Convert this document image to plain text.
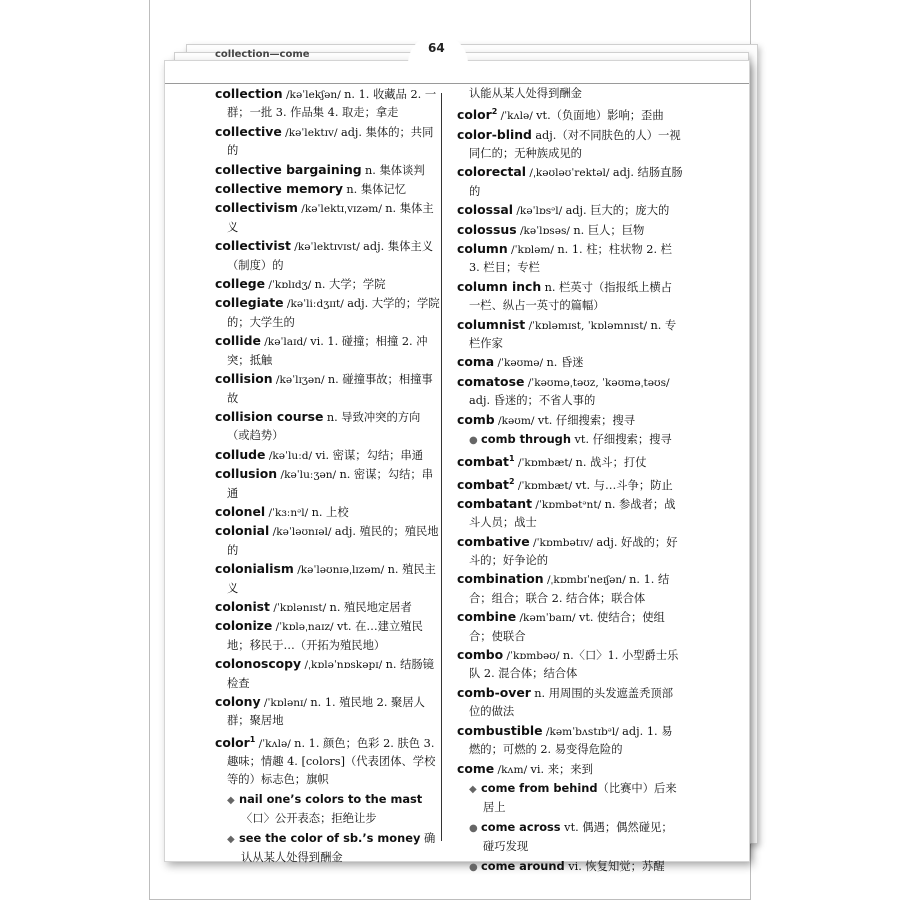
collection—come	64
collection /kəˈlekʃən/ n. 1. 收藏品 2. 一群；一批 3. 作品集 4. 取走；拿走
collective /kəˈlektɪv/ adj. 集体的；共同的
collective bargaining n. 集体谈判
collective memory n. 集体记忆
collectivism /kəˈlektɪˌvɪzəm/ n. 集体主义
collectivist /kəˈlektɪvɪst/ adj. 集体主义（制度）的
college /ˈkɒlɪdʒ/ n. 大学；学院
collegiate /kəˈliːdʒɪɪt/ adj. 大学的；学院的；大学生的
collide /kəˈlaɪd/ vi. 1. 碰撞；相撞 2. 冲突；抵触
collision /kəˈlɪʒən/ n. 碰撞事故；相撞事故
collision course n. 导致冲突的方向（或趋势）
collude /kəˈluːd/ vi. 密谋；勾结；串通
collusion /kəˈluːʒən/ n. 密谋；勾结；串通
colonel /ˈkɜːnᵊl/ n. 上校
colonial /kəˈləʊnɪəl/ adj. 殖民的；殖民地的
colonialism /kəˈləʊnɪəˌlɪzəm/ n. 殖民主义
colonist /ˈkɒlənɪst/ n. 殖民地定居者
colonize /ˈkɒləˌnaɪz/ vt. 在…建立殖民地；移民于…（开拓为殖民地）
colonoscopy /ˌkɒləˈnɒskəpɪ/ n. 结肠镜检查
colony /ˈkɒlənɪ/ n. 1. 殖民地 2. 聚居人群；聚居地
color$^1$ /ˈkʌlə/ n. 1. 颜色；色彩 2. 肤色 3. 趣味；情趣 4. [colors]（代表团体、学校等的）标志色；旗帜
◆nail one’s colors to the mast 〈口〉公开表态；拒绝让步
◆see the color of sb.’s money 确认从某人处得到酬金
认能从某人处得到酬金
color$^2$ /ˈkʌlə/ vt.（负面地）影响；歪曲
color-blind adj.（对不同肤色的人）一视同仁的；无种族成见的
colorectal /ˌkəʊləʊˈrektəl/ adj. 结肠直肠的
colossal /kəˈlɒsᵊl/ adj. 巨大的；庞大的
colossus /kəˈlɒsəs/ n. 巨人；巨物
column /ˈkɒləm/ n. 1. 柱；柱状物 2. 栏 3. 栏目；专栏
column inch n. 栏英寸（指报纸上横占一栏、纵占一英寸的篇幅）
columnist /ˈkɒləmɪst, ˈkɒləmnɪst/ n. 专栏作家
coma /ˈkəʊmə/ n. 昏迷
comatose /ˈkəʊməˌtəʊz, ˈkəʊməˌtəʊs/ adj. 昏迷的；不省人事的
comb /kəʊm/ vt. 仔细搜索；搜寻
●comb through vt. 仔细搜索；搜寻
combat$^1$ /ˈkɒmbæt/ n. 战斗；打仗
combat$^2$ /ˈkɒmbæt/ vt. 与…斗争；防止
combatant /ˈkɒmbətᵊnt/ n. 参战者；战斗人员；战士
combative /ˈkɒmbətɪv/ adj. 好战的；好斗的；好争论的
combination /ˌkɒmbɪˈneɪʃən/ n. 1. 结合；组合；联合 2. 结合体；联合体
combine /kəmˈbaɪn/ vt. 使结合；使组合；使联合
combo /ˈkɒmbəʊ/ n.〈口〉1. 小型爵士乐队 2. 混合体；结合体
comb-over n. 用周围的头发遮盖秃顶部位的做法
combustible /kəmˈbʌstɪbᵊl/ adj. 1. 易燃的；可燃的 2. 易变得危险的
come /kʌm/ vi. 来；来到
◆come from behind（比赛中）后来居上
●come across vt. 偶遇；偶然碰见；碰巧发现
●come around vi. 恢复知觉；苏醒
